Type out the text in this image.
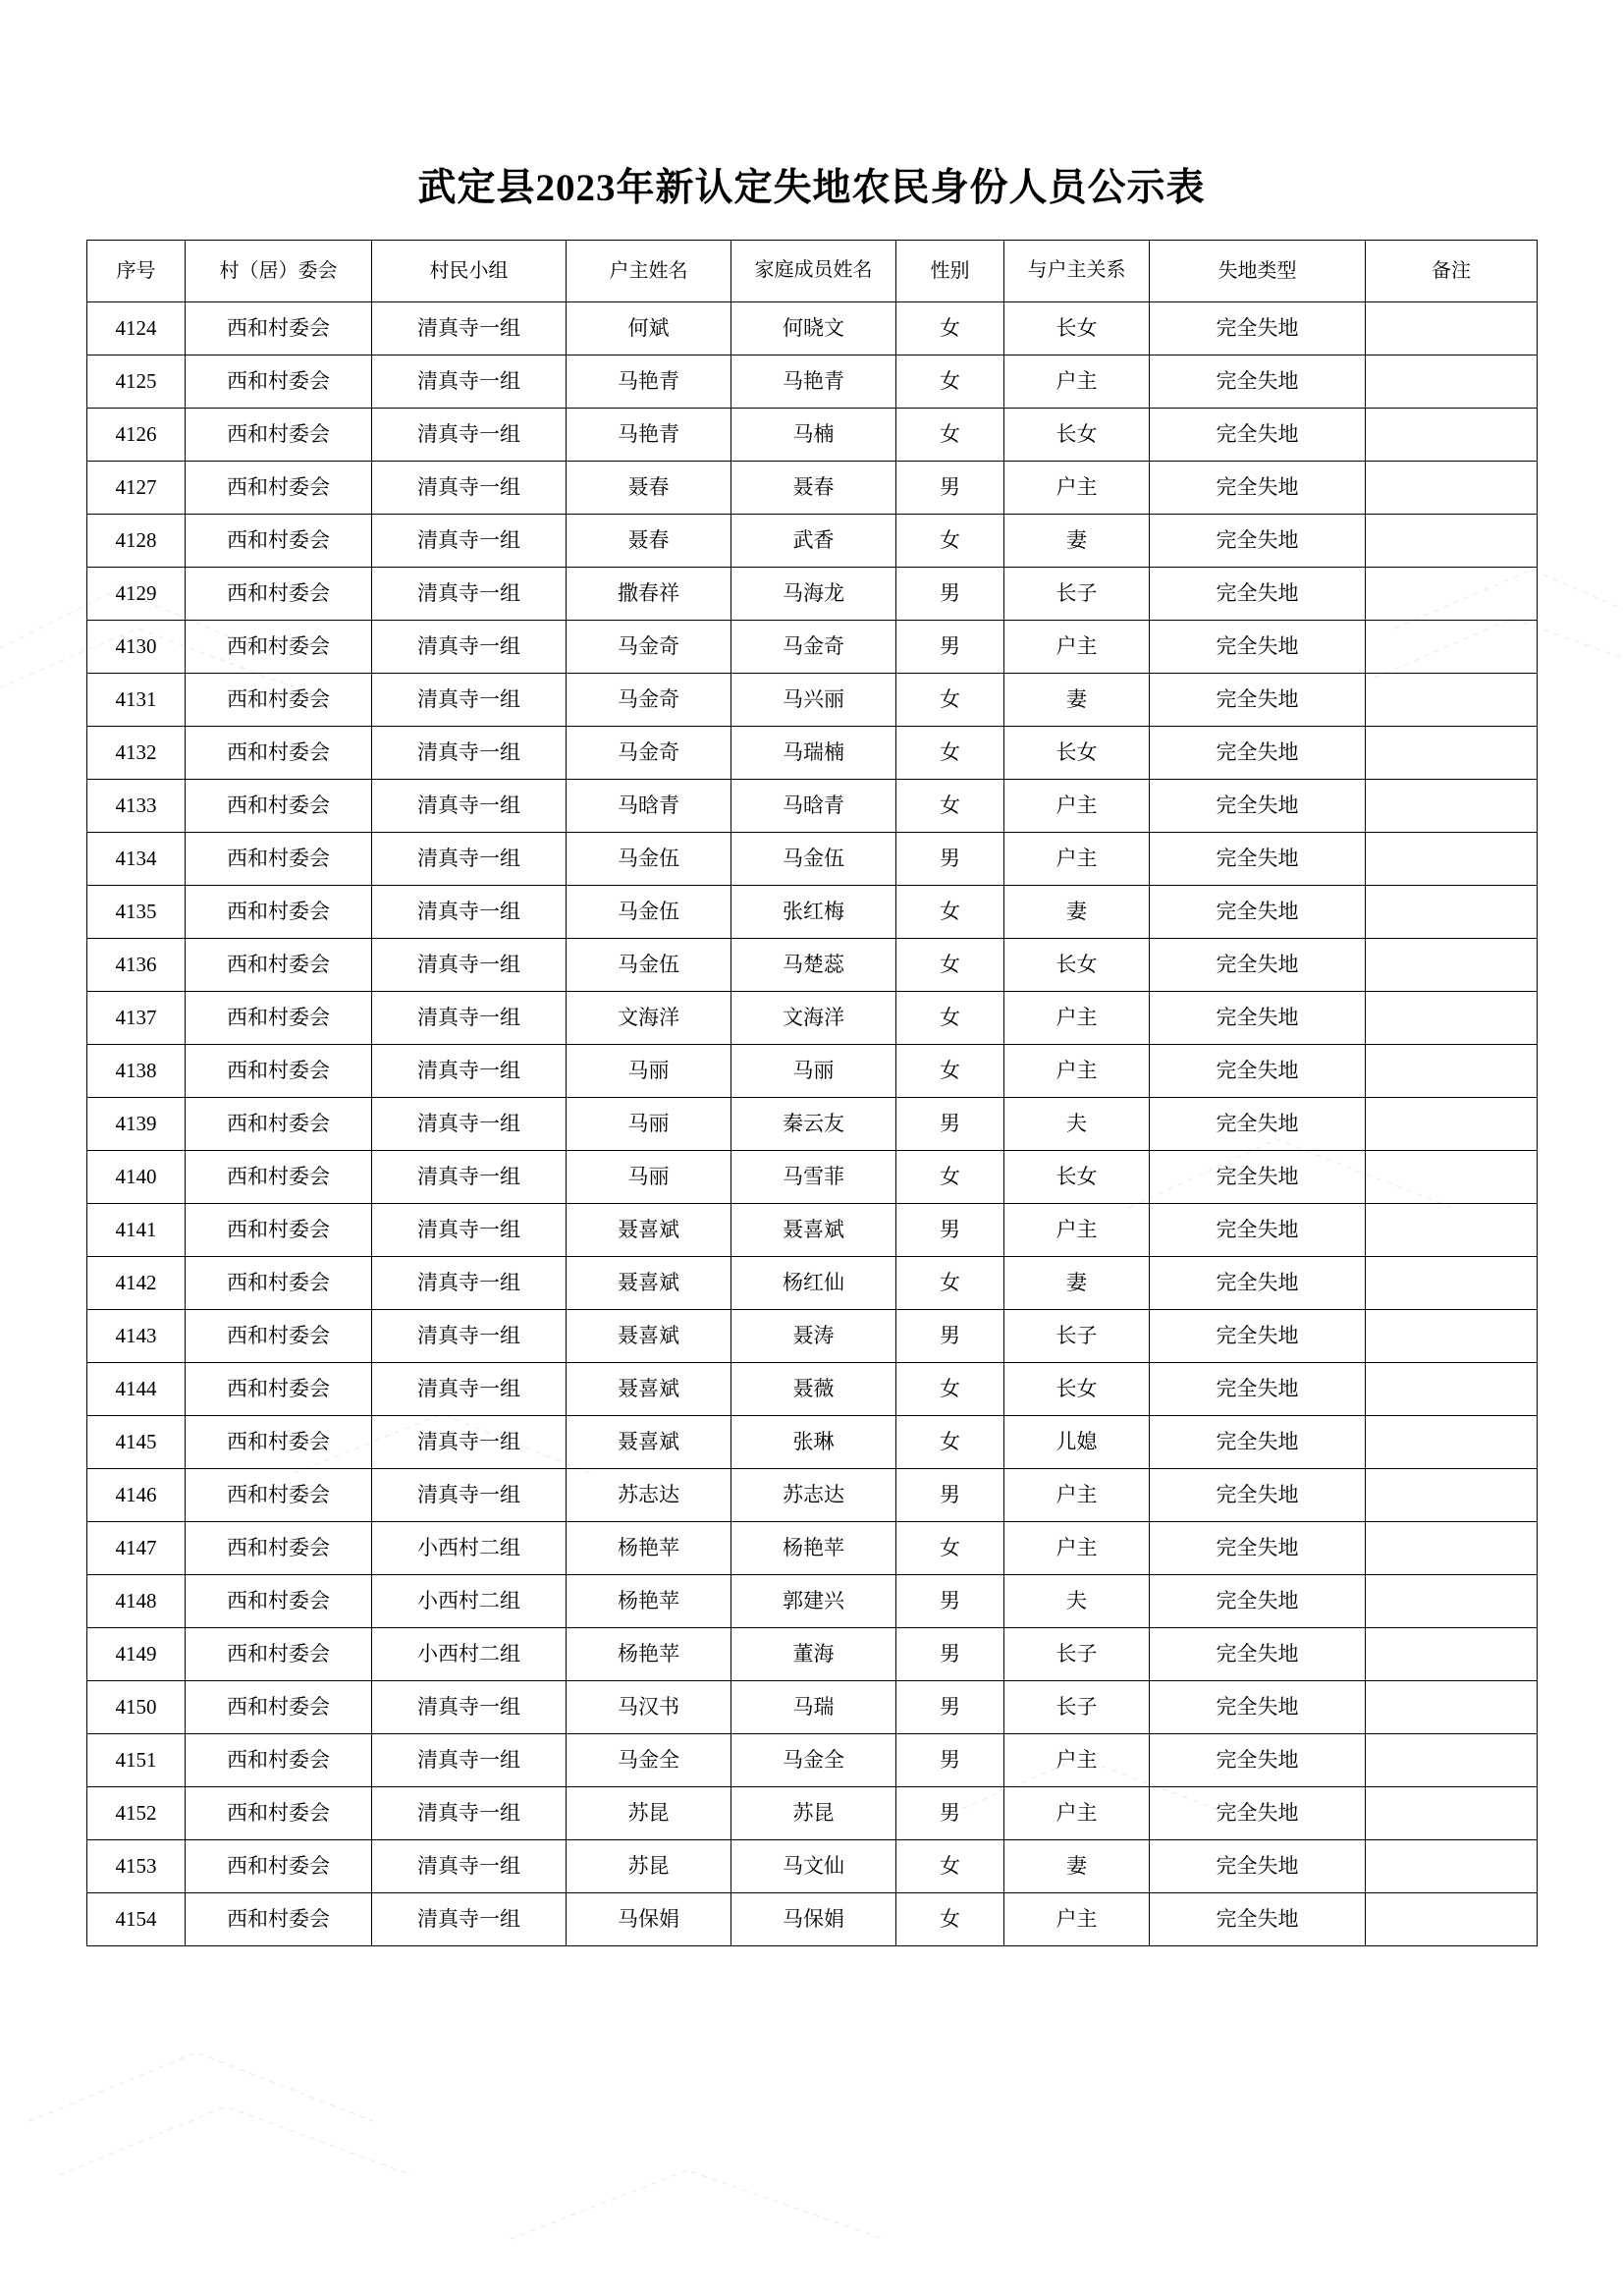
武定县2023年新认定失地农民身份人员公示表
序号	村（居）委会	村民小组	户主姓名	家庭成员姓名	性别	与户主关系	失地类型	备注
4124	西和村委会	清真寺一组	何斌	何晓文	女	长女	完全失地	
4125	西和村委会	清真寺一组	马艳青	马艳青	女	户主	完全失地	
4126	西和村委会	清真寺一组	马艳青	马楠	女	长女	完全失地	
4127	西和村委会	清真寺一组	聂春	聂春	男	户主	完全失地	
4128	西和村委会	清真寺一组	聂春	武香	女	妻	完全失地	
4129	西和村委会	清真寺一组	撒春祥	马海龙	男	长子	完全失地	
4130	西和村委会	清真寺一组	马金奇	马金奇	男	户主	完全失地	
4131	西和村委会	清真寺一组	马金奇	马兴丽	女	妻	完全失地	
4132	西和村委会	清真寺一组	马金奇	马瑞楠	女	长女	完全失地	
4133	西和村委会	清真寺一组	马晗青	马晗青	女	户主	完全失地	
4134	西和村委会	清真寺一组	马金伍	马金伍	男	户主	完全失地	
4135	西和村委会	清真寺一组	马金伍	张红梅	女	妻	完全失地	
4136	西和村委会	清真寺一组	马金伍	马楚蕊	女	长女	完全失地	
4137	西和村委会	清真寺一组	文海洋	文海洋	女	户主	完全失地	
4138	西和村委会	清真寺一组	马丽	马丽	女	户主	完全失地	
4139	西和村委会	清真寺一组	马丽	秦云友	男	夫	完全失地	
4140	西和村委会	清真寺一组	马丽	马雪菲	女	长女	完全失地	
4141	西和村委会	清真寺一组	聂喜斌	聂喜斌	男	户主	完全失地	
4142	西和村委会	清真寺一组	聂喜斌	杨红仙	女	妻	完全失地	
4143	西和村委会	清真寺一组	聂喜斌	聂涛	男	长子	完全失地	
4144	西和村委会	清真寺一组	聂喜斌	聂薇	女	长女	完全失地	
4145	西和村委会	清真寺一组	聂喜斌	张琳	女	儿媳	完全失地	
4146	西和村委会	清真寺一组	苏志达	苏志达	男	户主	完全失地	
4147	西和村委会	小西村二组	杨艳苹	杨艳苹	女	户主	完全失地	
4148	西和村委会	小西村二组	杨艳苹	郭建兴	男	夫	完全失地	
4149	西和村委会	小西村二组	杨艳苹	董海	男	长子	完全失地	
4150	西和村委会	清真寺一组	马汉书	马瑞	男	长子	完全失地	
4151	西和村委会	清真寺一组	马金全	马金全	男	户主	完全失地	
4152	西和村委会	清真寺一组	苏昆	苏昆	男	户主	完全失地	
4153	西和村委会	清真寺一组	苏昆	马文仙	女	妻	完全失地	
4154	西和村委会	清真寺一组	马保娟	马保娟	女	户主	完全失地	
